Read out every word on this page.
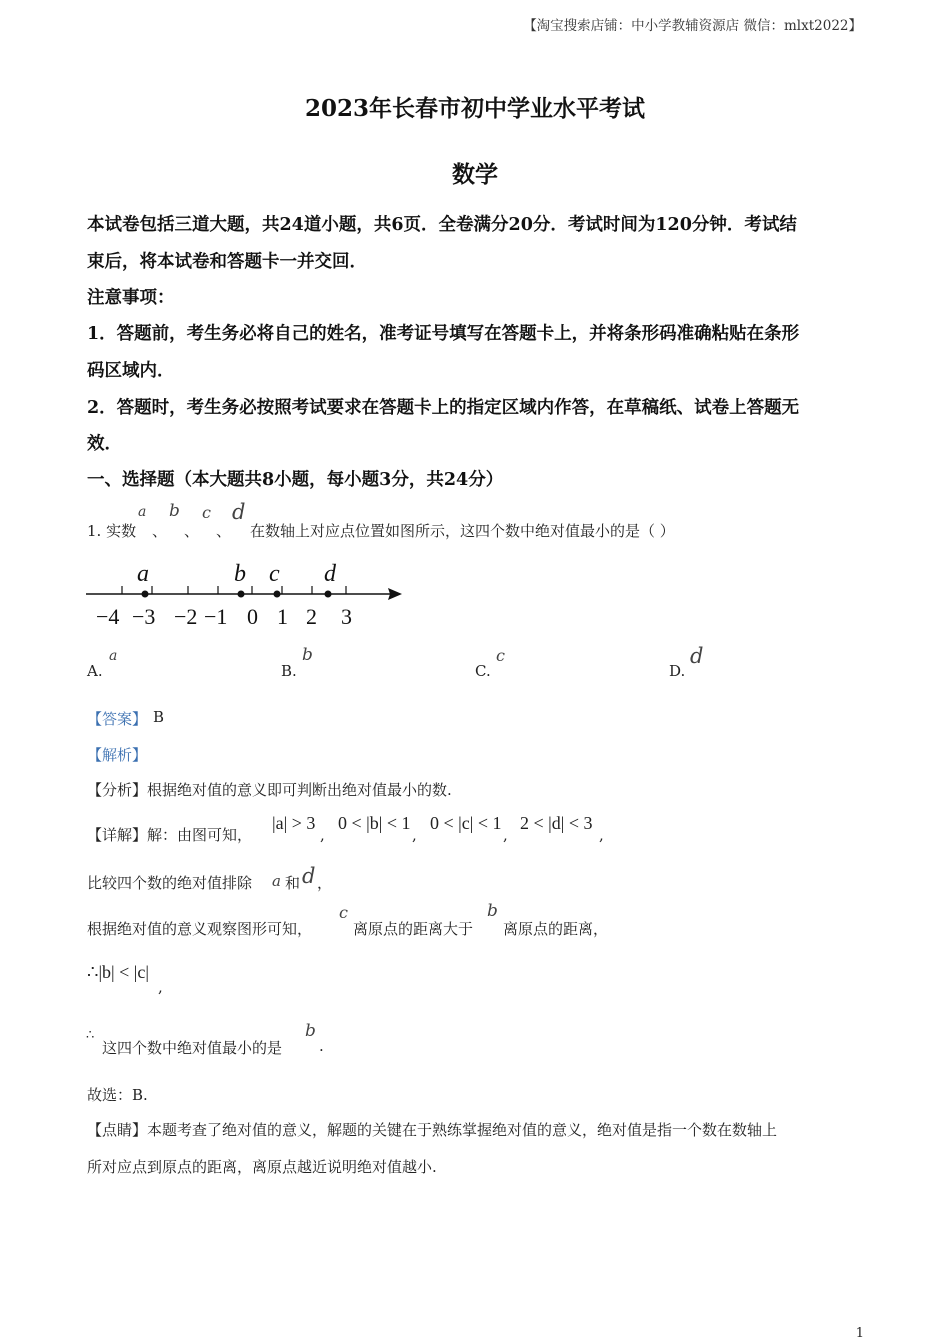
【淘宝搜索店铺：中小学教辅资源店 微信：mlxt2022】
2023年长春市初中学业水平考试
数学
本试卷包括三道大题，共24道小题，共6页．全卷满分20分．考试时间为120分钟．考试结
束后，将本试卷和答题卡一并交回．
注意事项：
1．答题前，考生务必将自己的姓名，准考证号填写在答题卡上，并将条形码准确粘贴在条形
码区域内．
2．答题时，考生务必按照考试要求在答题卡上的指定区域内作答，在草稿纸、试卷上答题无
效．
一、选择题（本大题共8小题，每小题3分，共24分）
1. 实数
a
、
b
、
c
、
d
在数轴上对应点位置如图所示，这四个数中绝对值最小的是（ ）
a	b c d
−4 −3 −2 −1 0 1 2 3
A.
a
B.
b
C.
c
D.
d
【答案】 B
【解析】
【分析】根据绝对值的意义即可判断出绝对值最小的数.
【详解】解：由图可知，
|a| > 3
,
0 < |b| < 1
,
0 < |c| < 1
,
2 < |d| < 3
,
比较四个数的绝对值排除 a 和 d ，
根据绝对值的意义观察图形可知，
c
离原点的距离大于
b
离原点的距离，
∴|b| < |c|
,
∴
这四个数中绝对值最小的是
b
.
故选：B.
【点睛】本题考查了绝对值的意义，解题的关键在于熟练掌握绝对值的意义，绝对值是指一个数在数轴上
所对应点到原点的距离，离原点越近说明绝对值越小.
1
